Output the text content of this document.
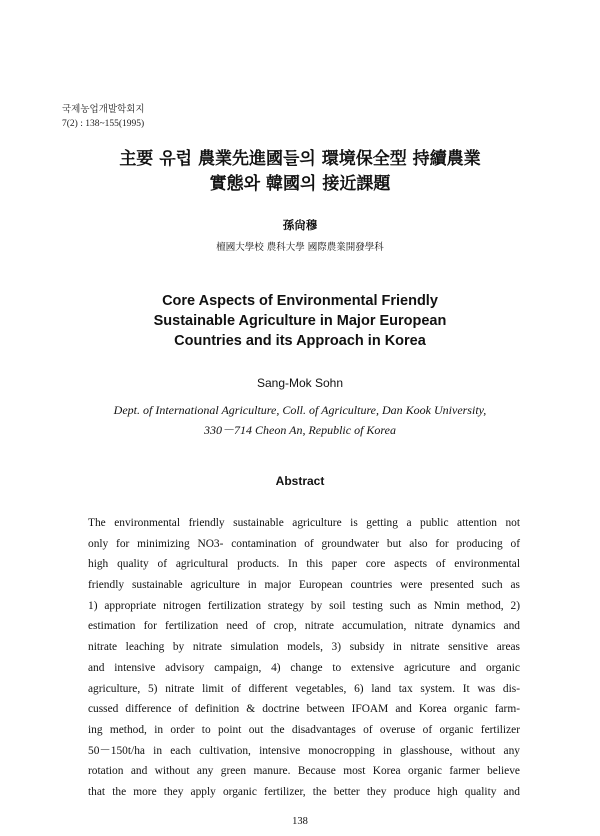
국제농업개발학회지
7(2) : 138~155(1995)
主要 유럽 農業先進國들의 環境保全型 持續農業
實態와 韓國의 接近課題
孫尙穆
檀國大學校 農科大學 國際農業開發學科
Core Aspects of Environmental Friendly
Sustainable Agriculture in Major European
Countries and its Approach in Korea
Sang-Mok Sohn
Dept. of International Agriculture, Coll. of Agriculture, Dan Kook University,
330－714 Cheon An, Republic of Korea
Abstract
The environmental friendly sustainable agriculture is getting a public attention not
only for minimizing NO3- contamination of groundwater but also for producing of
high quality of agricultural products. In this paper core aspects of environmental
friendly sustainable agriculture in major European countries were presented such as
1) appropriate nitrogen fertilization strategy by soil testing such as Nmin method, 2)
estimation for fertilization need of crop, nitrate accumulation, nitrate dynamics and
nitrate leaching by nitrate simulation models, 3) subsidy in nitrate sensitive areas
and intensive advisory campaign, 4) change to extensive agricuture and organic
agriculture, 5) nitrate limit of different vegetables, 6) land tax system. It was dis-
cussed difference of definition & doctrine between IFOAM and Korea organic farm-
ing method, in order to point out the disadvantages of overuse of organic fertilizer
50－150t/ha in each cultivation, intensive monocropping in glasshouse, without any
rotation and without any green manure. Because most Korea organic farmer believe
that the more they apply organic fertilizer, the better they produce high quality and
138
